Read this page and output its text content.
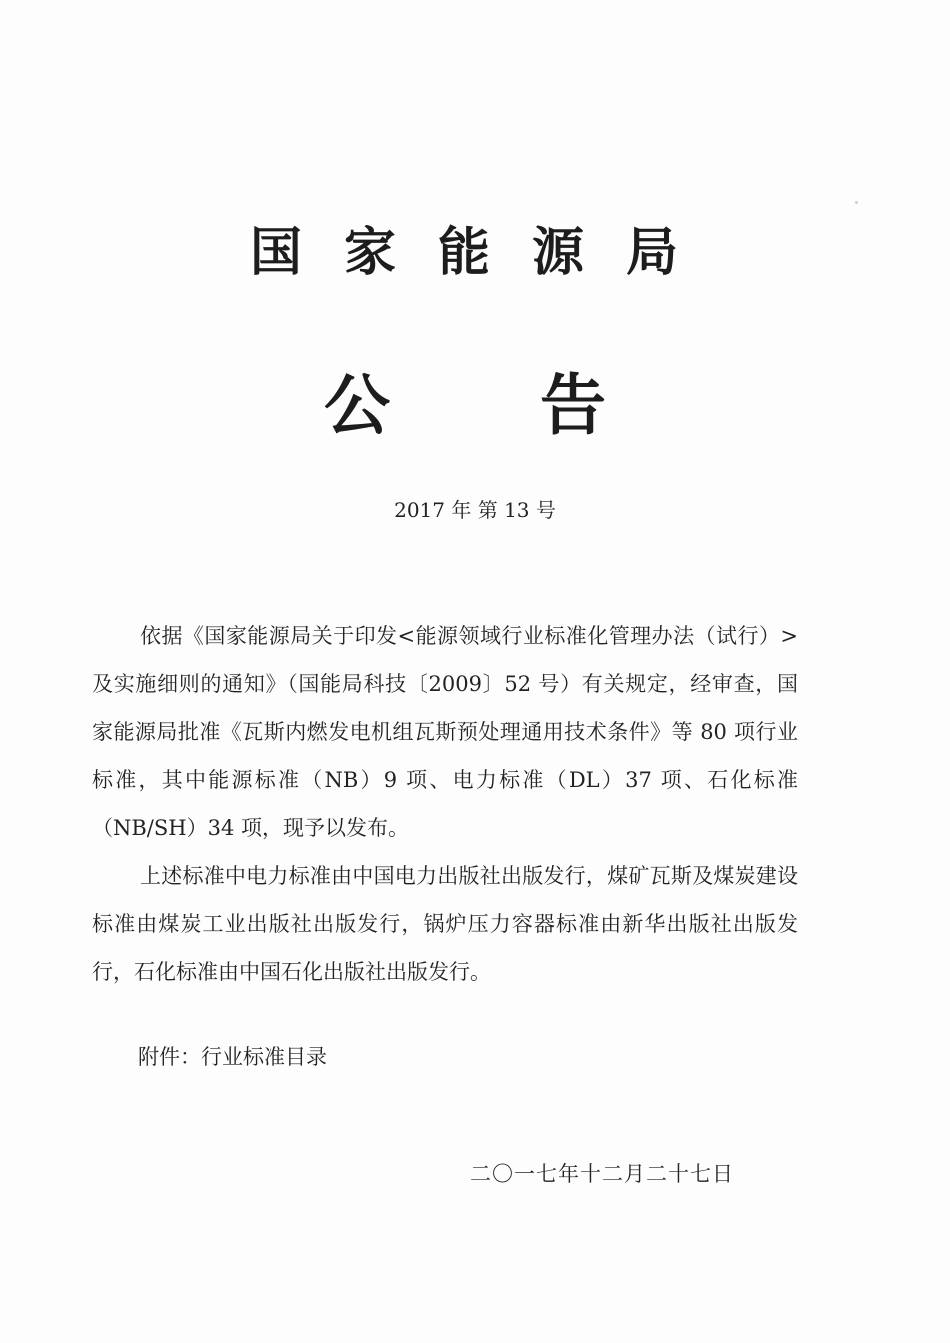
国家能源局
公告
2017 年 第 13 号

依据《国家能源局关于印发<能源领域行业标准化管理办法（试行）>及实施细则的通知》（国能局科技〔2009〕52 号）有关规定，经审查，国家能源局批准《瓦斯内燃发电机组瓦斯预处理通用技术条件》等 80 项行业标准，其中能源标准（NB）9 项、电力标准（DL）37 项、石化标准（NB/SH）34 项，现予以发布。

上述标准中电力标准由中国电力出版社出版发行，煤矿瓦斯及煤炭建设标准由煤炭工业出版社出版发行，锅炉压力容器标准由新华出版社出版发行，石化标准由中国石化出版社出版发行。

附件：行业标准目录
二〇一七年十二月二十七日
